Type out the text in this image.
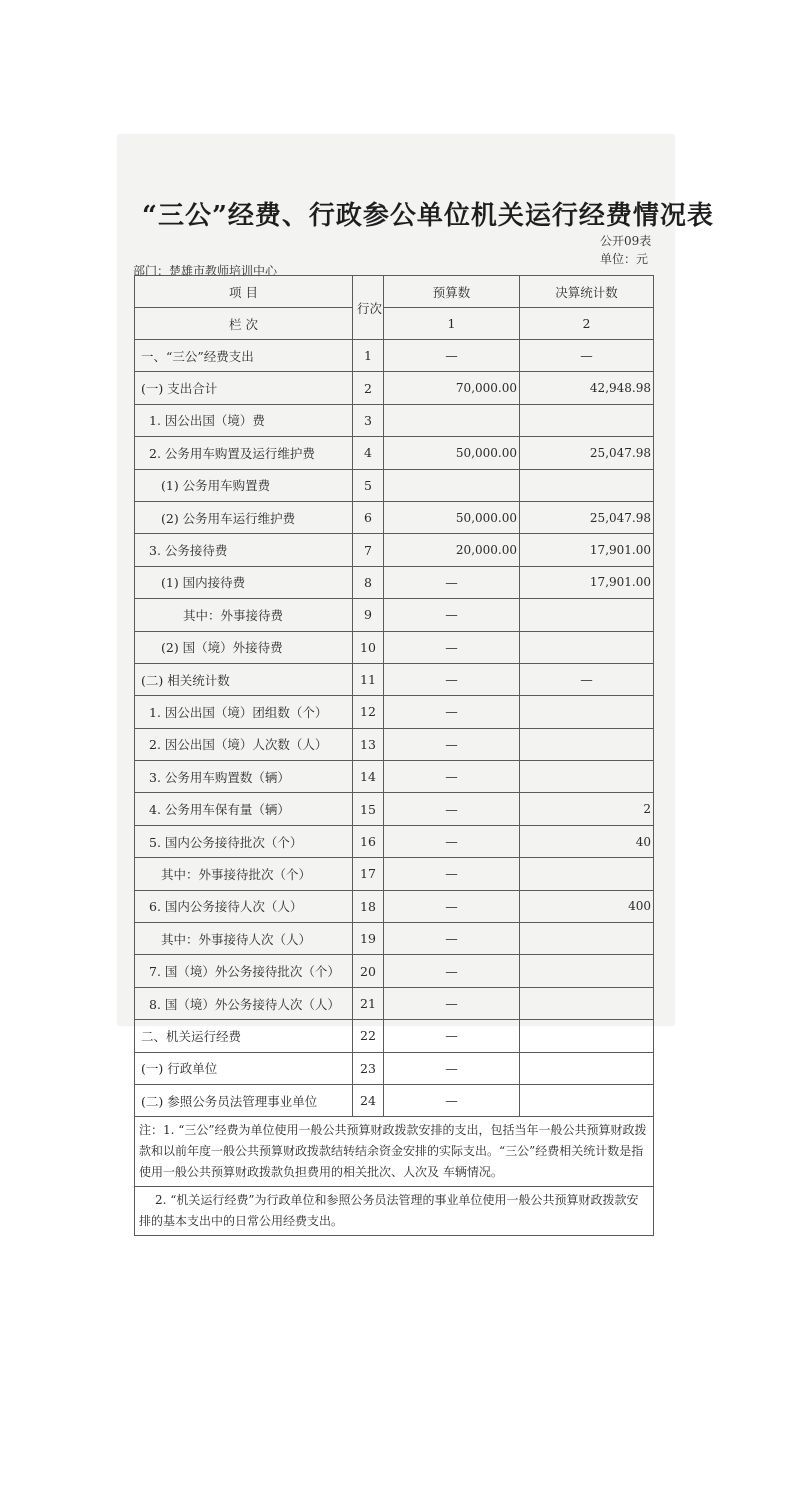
“三公”经费、行政参公单位机关运行经费情况表
公开09表
单位：元
部门：楚雄市教师培训中心
项 目	行次	预算数	决算统计数
栏 次		1	2
一、“三公”经费支出	1	—	—
(一) 支出合计	2	70,000.00	42,948.98
1. 因公出国（境）费	3		
2. 公务用车购置及运行维护费	4	50,000.00	25,047.98
(1) 公务用车购置费	5		
(2) 公务用车运行维护费	6	50,000.00	25,047.98
3. 公务接待费	7	20,000.00	17,901.00
(1) 国内接待费	8	—	17,901.00
其中：外事接待费	9	—	
(2) 国（境）外接待费	10	—	
(二) 相关统计数	11	—	—
1. 因公出国（境）团组数（个）	12	—	
2. 因公出国（境）人次数（人）	13	—	
3. 公务用车购置数（辆）	14	—	
4. 公务用车保有量（辆）	15	—	2
5. 国内公务接待批次（个）	16	—	40
其中：外事接待批次（个）	17	—	
6. 国内公务接待人次（人）	18	—	400
其中：外事接待人次（人）	19	—	
7. 国（境）外公务接待批次（个）	20	—	
8. 国（境）外公务接待人次（人）	21	—	
二、机关运行经费	22	—	
(一) 行政单位	23	—	
(二) 参照公务员法管理事业单位	24	—	
注：1. “三公”经费为单位使用一般公共预算财政拨款安排的支出，包括当年一般公共预算财政拨款和以前年度一般公共预算财政拨款结转结余资金安排的实际支出。“三公”经费相关统计数是指使用一般公共预算财政拨款负担费用的相关批次、人次及 车辆情况。			
2. “机关运行经费”为行政单位和参照公务员法管理的事业单位使用一般公共预算财政拨款安排的基本支出中的日常公用经费支出。			
